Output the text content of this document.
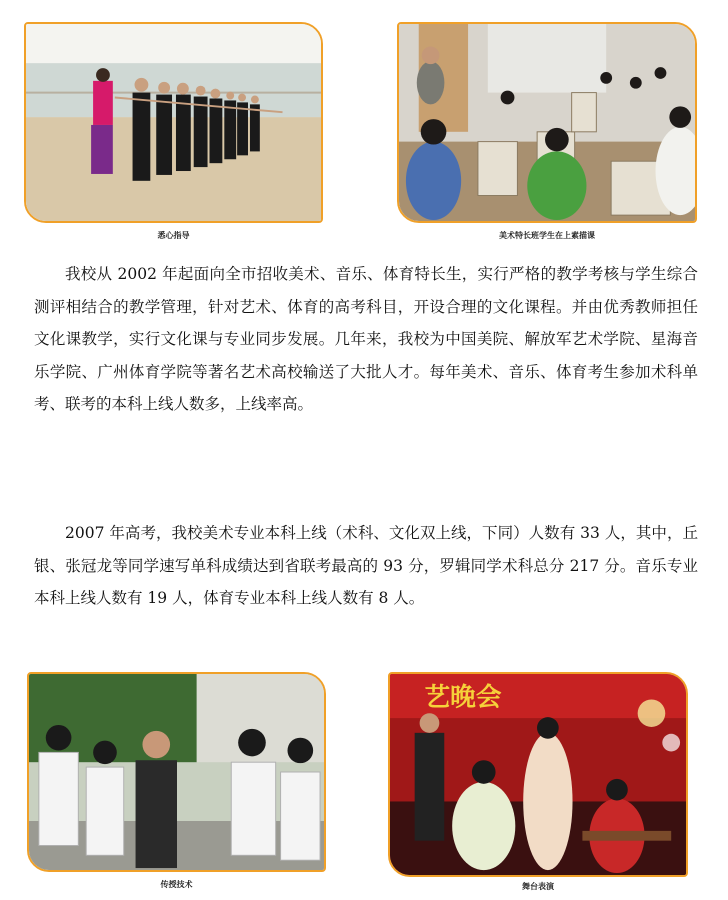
悉心指导	美术特长班学生在上素描课

我校从 2002 年起面向全市招收美术、音乐、体育特长生，实行严格的教学考核与学生综合测评相结合的教学管理，针对艺术、体育的高考科目，开设合理的文化课程。并由优秀教师担任文化课教学，实行文化课与专业同步发展。几年来，我校为中国美院、解放军艺术学院、星海音乐学院、广州体育学院等著名艺术高校输送了大批人才。每年美术、音乐、体育考生参加术科单考、联考的本科上线人数多，上线率高。

2007 年高考，我校美术专业本科上线（术科、文化双上线，下同）人数有 33 人，其中，丘银、张冠龙等同学速写单科成绩达到省联考最高的 93 分，罗辑同学术科总分 217 分。音乐专业本科上线人数有 19 人，体育专业本科上线人数有 8 人。

传授技术
艺晚会
舞台表演
